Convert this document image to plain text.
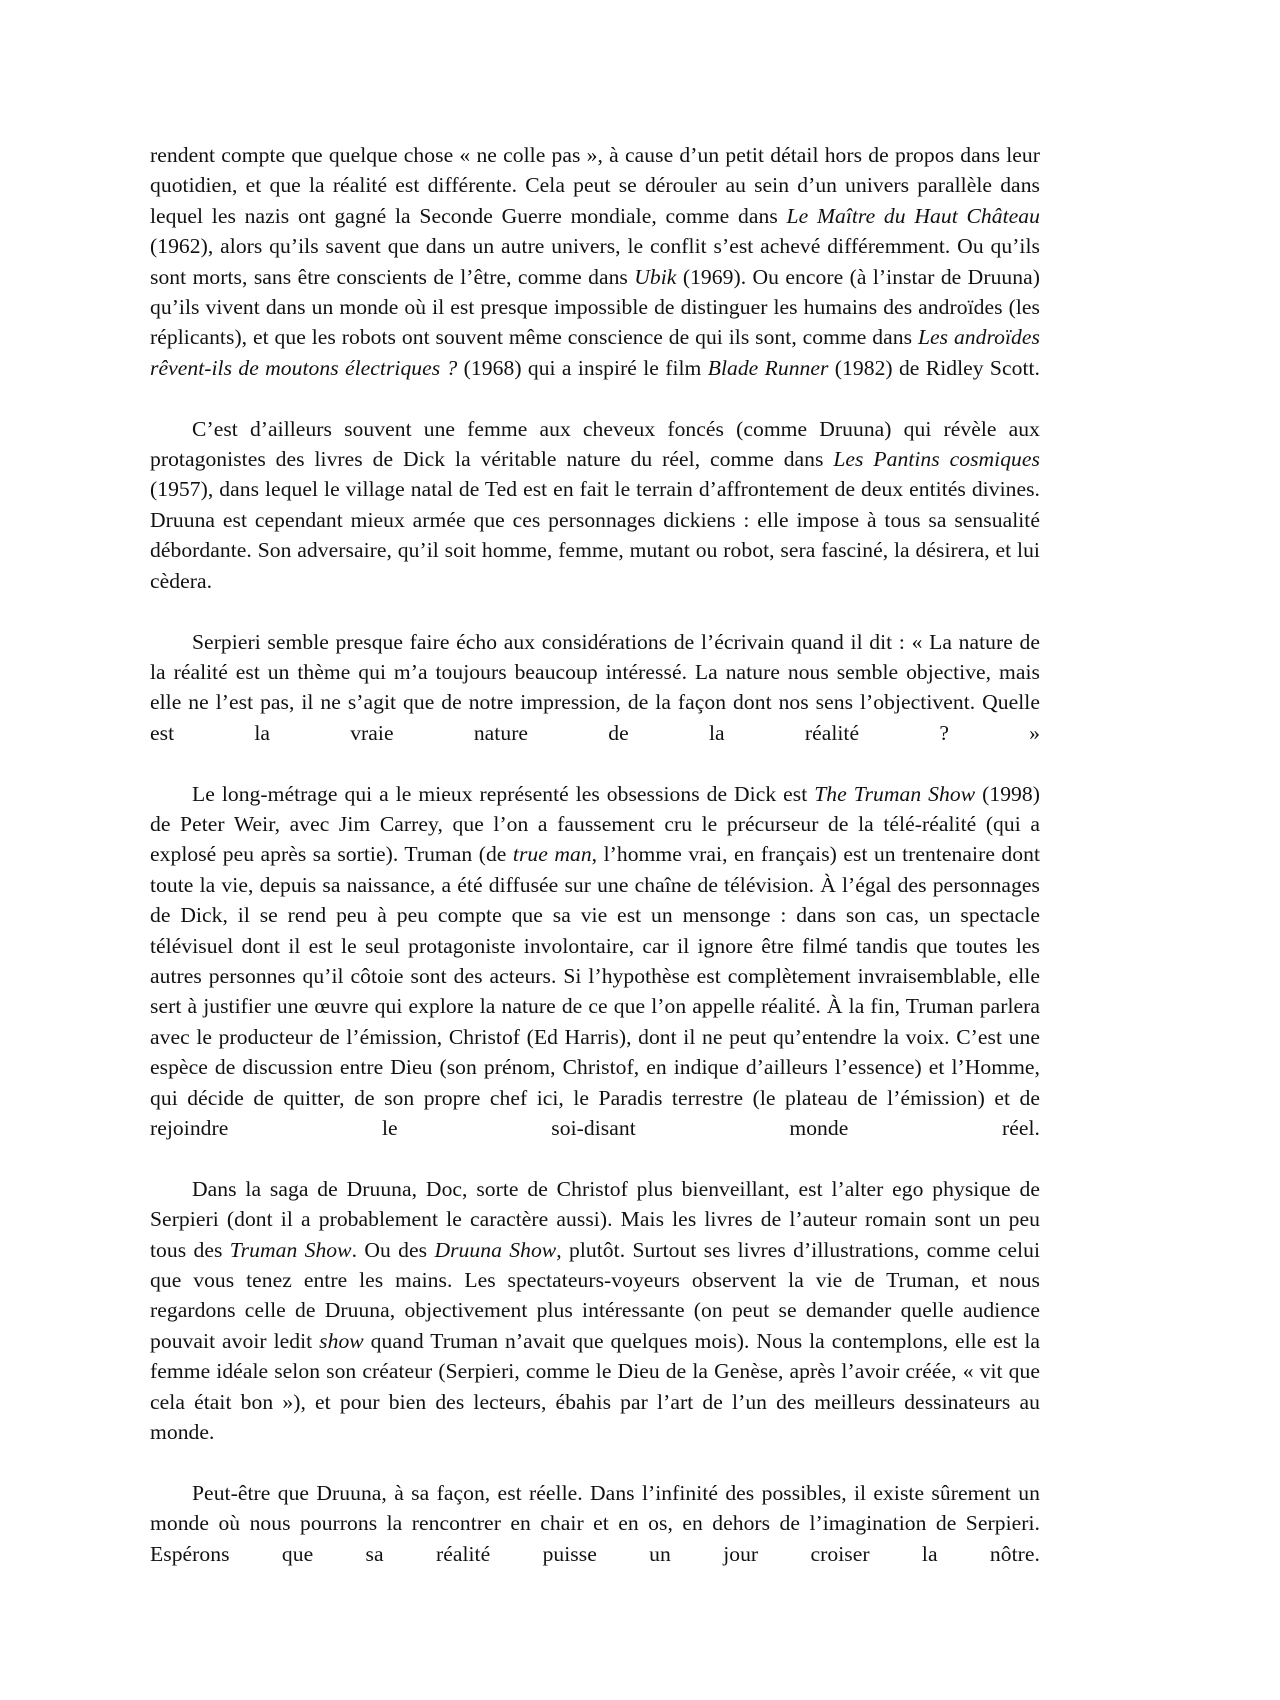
rendent compte que quelque chose « ne colle pas », à cause d’un petit détail hors de propos dans leur quotidien, et que la réalité est différente. Cela peut se dérouler au sein d’un univers parallèle dans lequel les nazis ont gagné la Seconde Guerre mondiale, comme dans Le Maître du Haut Château (1962), alors qu’ils savent que dans un autre univers, le conflit s’est achevé différemment. Ou qu’ils sont morts, sans être conscients de l’être, comme dans Ubik (1969). Ou encore (à l’instar de Druuna) qu’ils vivent dans un monde où il est presque impossible de distinguer les humains des androïdes (les réplicants), et que les robots ont souvent même conscience de qui ils sont, comme dans Les androïdes rêvent-ils de moutons électriques ? (1968) qui a inspiré le film Blade Runner (1982) de Ridley Scott.

C’est d’ailleurs souvent une femme aux cheveux foncés (comme Druuna) qui révèle aux protagonistes des livres de Dick la véritable nature du réel, comme dans Les Pantins cosmiques (1957), dans lequel le village natal de Ted est en fait le terrain d’affrontement de deux entités divines. Druuna est cependant mieux armée que ces personnages dickiens : elle impose à tous sa sensualité débordante. Son adversaire, qu’il soit homme, femme, mutant ou robot, sera fasciné, la désirera, et lui cèdera.

Serpieri semble presque faire écho aux considérations de l’écrivain quand il dit : « La nature de la réalité est un thème qui m’a toujours beaucoup intéressé. La nature nous semble objective, mais elle ne l’est pas, il ne s’agit que de notre impression, de la façon dont nos sens l’objectivent. Quelle est la vraie nature de la réalité ? »

Le long-métrage qui a le mieux représenté les obsessions de Dick est The Truman Show (1998) de Peter Weir, avec Jim Carrey, que l’on a faussement cru le précurseur de la télé-réalité (qui a explosé peu après sa sortie). Truman (de true man, l’homme vrai, en français) est un trentenaire dont toute la vie, depuis sa naissance, a été diffusée sur une chaîne de télévision. À l’égal des personnages de Dick, il se rend peu à peu compte que sa vie est un mensonge : dans son cas, un spectacle télévisuel dont il est le seul protagoniste involontaire, car il ignore être filmé tandis que toutes les autres personnes qu’il côtoie sont des acteurs. Si l’hypothèse est complètement invraisemblable, elle sert à justifier une œuvre qui explore la nature de ce que l’on appelle réalité. À la fin, Truman parlera avec le producteur de l’émission, Christof (Ed Harris), dont il ne peut qu’entendre la voix. C’est une espèce de discussion entre Dieu (son prénom, Christof, en indique d’ailleurs l’essence) et l’Homme, qui décide de quitter, de son propre chef ici, le Paradis terrestre (le plateau de l’émission) et de rejoindre le soi-disant monde réel.

Dans la saga de Druuna, Doc, sorte de Christof plus bienveillant, est l’alter ego physique de Serpieri (dont il a probablement le caractère aussi). Mais les livres de l’auteur romain sont un peu tous des Truman Show. Ou des Druuna Show, plutôt. Surtout ses livres d’illustrations, comme celui que vous tenez entre les mains. Les spectateurs-voyeurs observent la vie de Truman, et nous regardons celle de Druuna, objectivement plus intéressante (on peut se demander quelle audience pouvait avoir ledit show quand Truman n’avait que quelques mois). Nous la contemplons, elle est la femme idéale selon son créateur (Serpieri, comme le Dieu de la Genèse, après l’avoir créée, « vit que cela était bon »), et pour bien des lecteurs, ébahis par l’art de l’un des meilleurs dessinateurs au monde.

Peut-être que Druuna, à sa façon, est réelle. Dans l’infinité des possibles, il existe sûrement un monde où nous pourrons la rencontrer en chair et en os, en dehors de l’imagination de Serpieri. Espérons que sa réalité puisse un jour croiser la nôtre.
